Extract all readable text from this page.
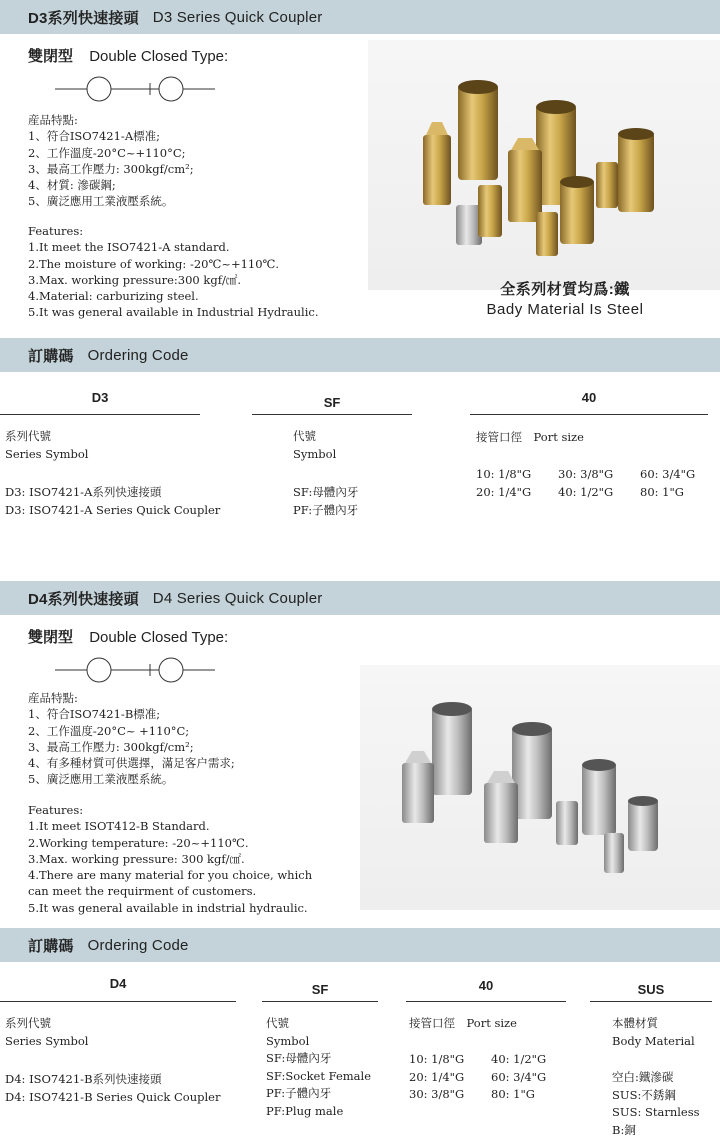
D3系列快速接頭 D3 Series Quick Coupler
雙閉型 Double Closed Type:
産品特點:
1、符合ISO7421-A標准;
2、工作溫度-20°C~+110°C;
3、最高工作壓力: 300kgf/cm²;
4、材質: 滲碳鋼;
5、廣泛應用工業液壓系統。
Features:
1.It meet the ISO7421-A standard.
2.The moisture of working: -20℃~+110℃.
3.Max. working pressure:300 kgf/㎠.
4.Material: carburizing steel.
5.It was general available in Industrial Hydraulic.
全系列材質均爲:鐵
Bady Material Is Steel
訂購碼 Ordering Code
D3	SF	40
系列代號
Series Symbol
D3: ISO7421-A系列快速接頭
D3: ISO7421-A Series Quick Coupler
代號
Symbol
SF:母體內牙
PF:子體內牙
接管口徑　Port size
10: 1/8"G	30: 3/8"G	60: 3/4"G
20: 1/4"G	40: 1/2"G	80: 1"G
D4系列快速接頭 D4 Series Quick Coupler
雙閉型 Double Closed Type:
産品特點:
1、符合ISO7421-B標准;
2、工作溫度-20°C~ +110°C;
3、最高工作壓力: 300kgf/cm²;
4、有多種材質可供選擇，滿足客户需求;
5、廣泛應用工業液壓系統。
Features:
1.It meet ISOT412-B Standard.
2.Working temperature: -20~+110℃.
3.Max. working pressure: 300 kgf/㎠.
4.There are many material for you choice, which
can meet the requirment of customers.
5.It was general available in indstrial hydraulic.
訂購碼 Ordering Code
D4	SF	40	SUS
系列代號
Series Symbol
D4: ISO7421-B系列快速接頭
D4: ISO7421-B Series Quick Coupler
代號
Symbol
SF:母體內牙
SF:Socket Female
PF:子體內牙
PF:Plug male
接管口徑　Port size
10: 1/8"G	40: 1/2"G
20: 1/4"G	60: 3/4"G
30: 3/8"G	80: 1"G
本體材質
Body Material
空白:鐵滲碳
SUS:不銹鋼
SUS: Starnless
B:銅
